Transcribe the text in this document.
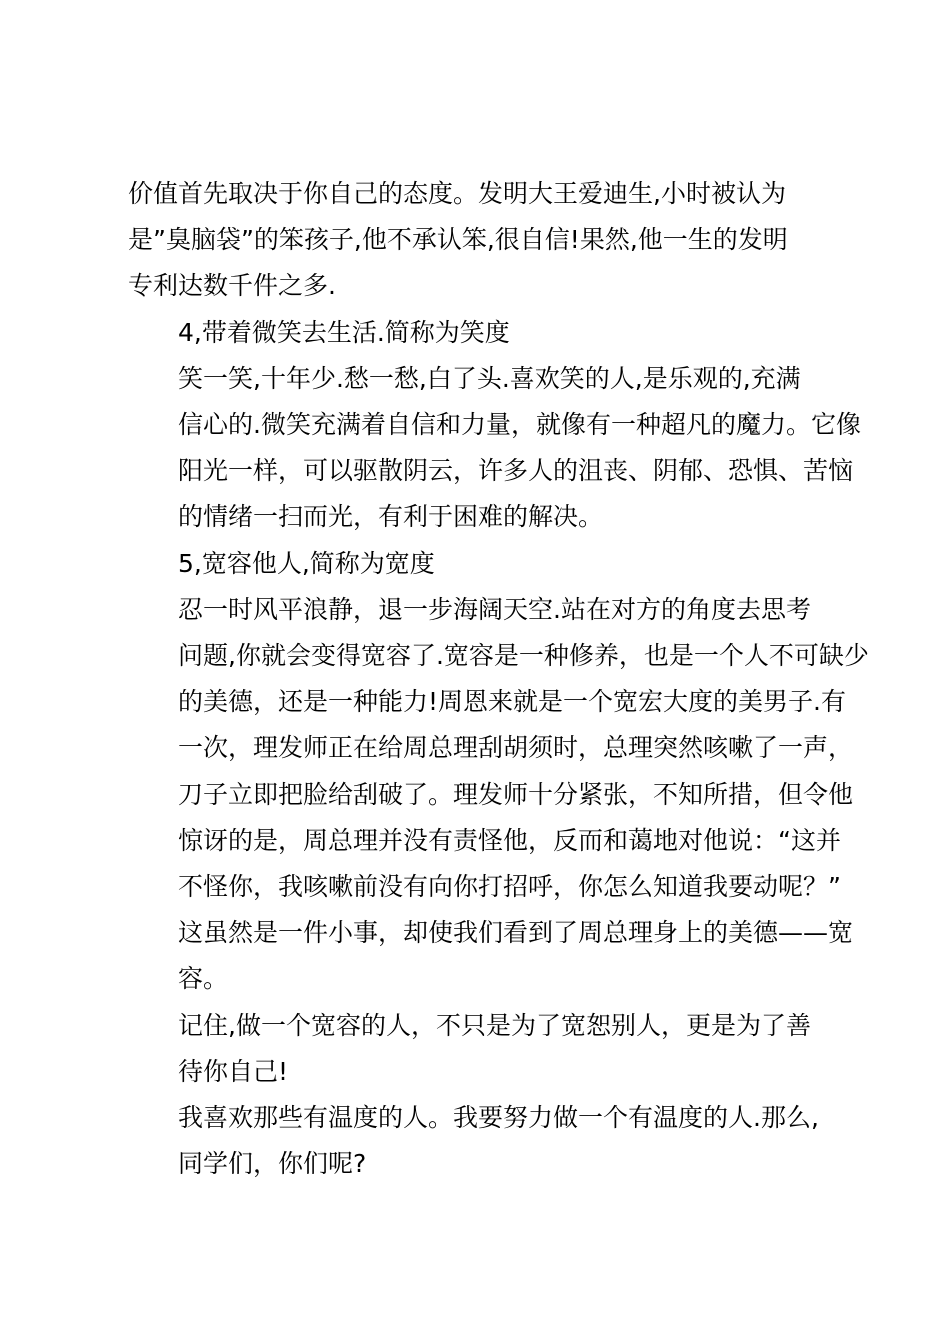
价值首先取决于你自己的态度。发明大王爱迪生,小时被认为
是”臭脑袋”的笨孩子,他不承认笨,很自信!果然,他一生的发明
专利达数千件之多.

4,带着微笑去生活.简称为笑度

笑一笑,十年少.愁一愁,白了头.喜欢笑的人,是乐观的,充满
信心的.微笑充满着自信和力量，就像有一种超凡的魔力。它像
阳光一样，可以驱散阴云，许多人的沮丧、阴郁、恐惧、苦恼
的情绪一扫而光，有利于困难的解决。

5,宽容他人,简称为宽度

忍一时风平浪静，退一步海阔天空.站在对方的角度去思考
问题,你就会变得宽容了.宽容是一种修养，也是一个人不可缺少
的美德，还是一种能力!周恩来就是一个宽宏大度的美男子.有
一次，理发师正在给周总理刮胡须时，总理突然咳嗽了一声，
刀子立即把脸给刮破了。理发师十分紧张，不知所措，但令他
惊讶的是，周总理并没有责怪他，反而和蔼地对他说：“这并
不怪你，我咳嗽前没有向你打招呼，你怎么知道我要动呢？”
这虽然是一件小事，却使我们看到了周总理身上的美德——宽
容。

记住,做一个宽容的人，不只是为了宽恕别人，更是为了善
待你自己!

我喜欢那些有温度的人。我要努力做一个有温度的人.那么,
同学们，你们呢?
